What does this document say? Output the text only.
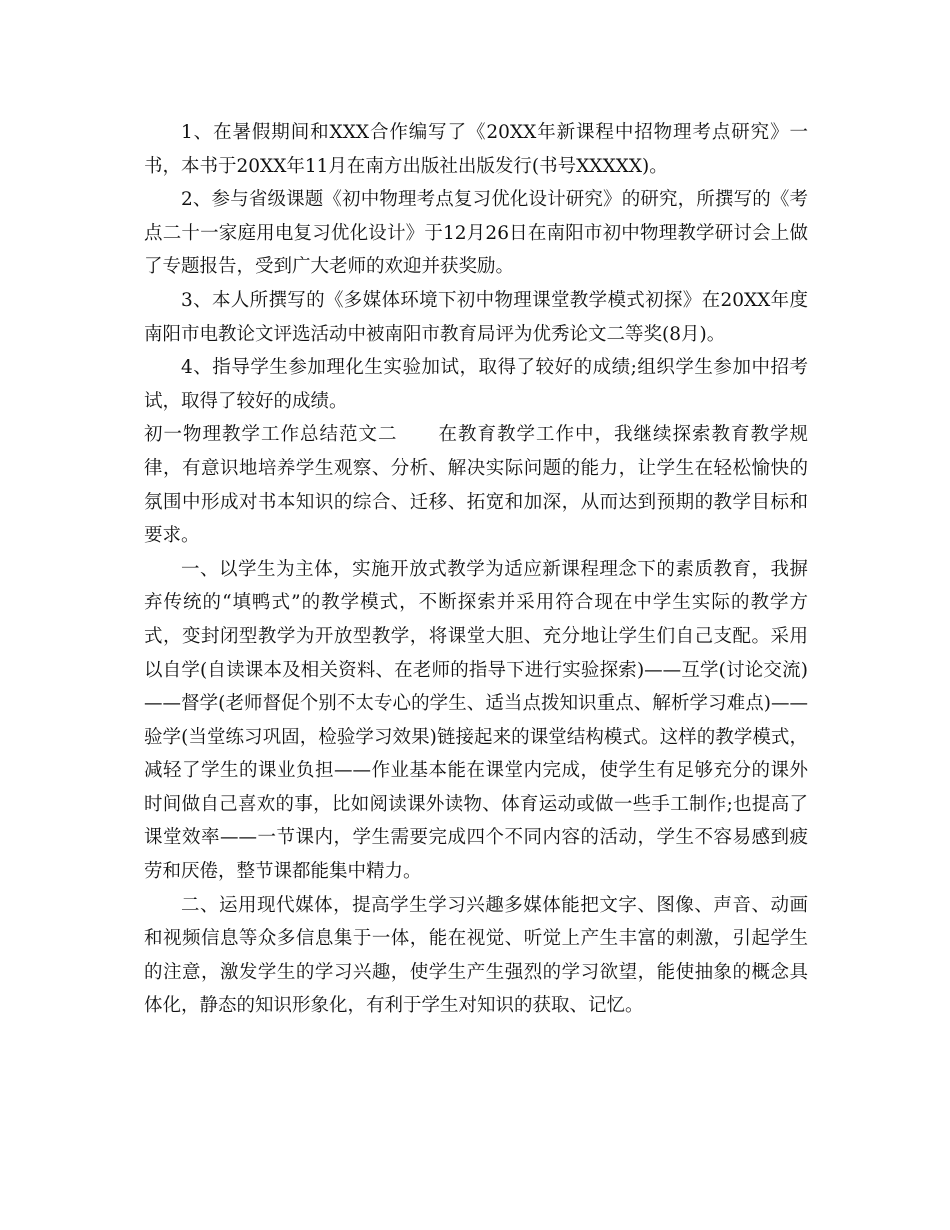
1、在暑假期间和XXX合作编写了《20XX年新课程中招物理考点研究》一书，本书于20XX年11月在南方出版社出版发行(书号XXXXX)。

2、参与省级课题《初中物理考点复习优化设计研究》的研究，所撰写的《考点二十一家庭用电复习优化设计》于12月26日在南阳市初中物理教学研讨会上做了专题报告，受到广大老师的欢迎并获奖励。

3、本人所撰写的《多媒体环境下初中物理课堂教学模式初探》在20XX年度南阳市电教论文评选活动中被南阳市教育局评为优秀论文二等奖(8月)。

4、指导学生参加理化生实验加试，取得了较好的成绩;组织学生参加中招考试，取得了较好的成绩。

初一物理教学工作总结范文二 在教育教学工作中，我继续探索教育教学规律，有意识地培养学生观察、分析、解决实际问题的能力，让学生在轻松愉快的氛围中形成对书本知识的综合、迁移、拓宽和加深，从而达到预期的教学目标和要求。

一、以学生为主体，实施开放式教学为适应新课程理念下的素质教育，我摒弃传统的“填鸭式”的教学模式，不断探索并采用符合现在中学生实际的教学方式，变封闭型教学为开放型教学，将课堂大胆、充分地让学生们自己支配。采用以自学(自读课本及相关资料、在老师的指导下进行实验探索)——互学(讨论交流)——督学(老师督促个别不太专心的学生、适当点拨知识重点、解析学习难点)——验学(当堂练习巩固，检验学习效果)链接起来的课堂结构模式。这样的教学模式，减轻了学生的课业负担——作业基本能在课堂内完成，使学生有足够充分的课外时间做自己喜欢的事，比如阅读课外读物、体育运动或做一些手工制作;也提高了课堂效率——一节课内，学生需要完成四个不同内容的活动，学生不容易感到疲劳和厌倦，整节课都能集中精力。

二、运用现代媒体，提高学生学习兴趣多媒体能把文字、图像、声音、动画和视频信息等众多信息集于一体，能在视觉、听觉上产生丰富的刺激，引起学生的注意，激发学生的学习兴趣，使学生产生强烈的学习欲望，能使抽象的概念具体化，静态的知识形象化，有利于学生对知识的获取、记忆。
